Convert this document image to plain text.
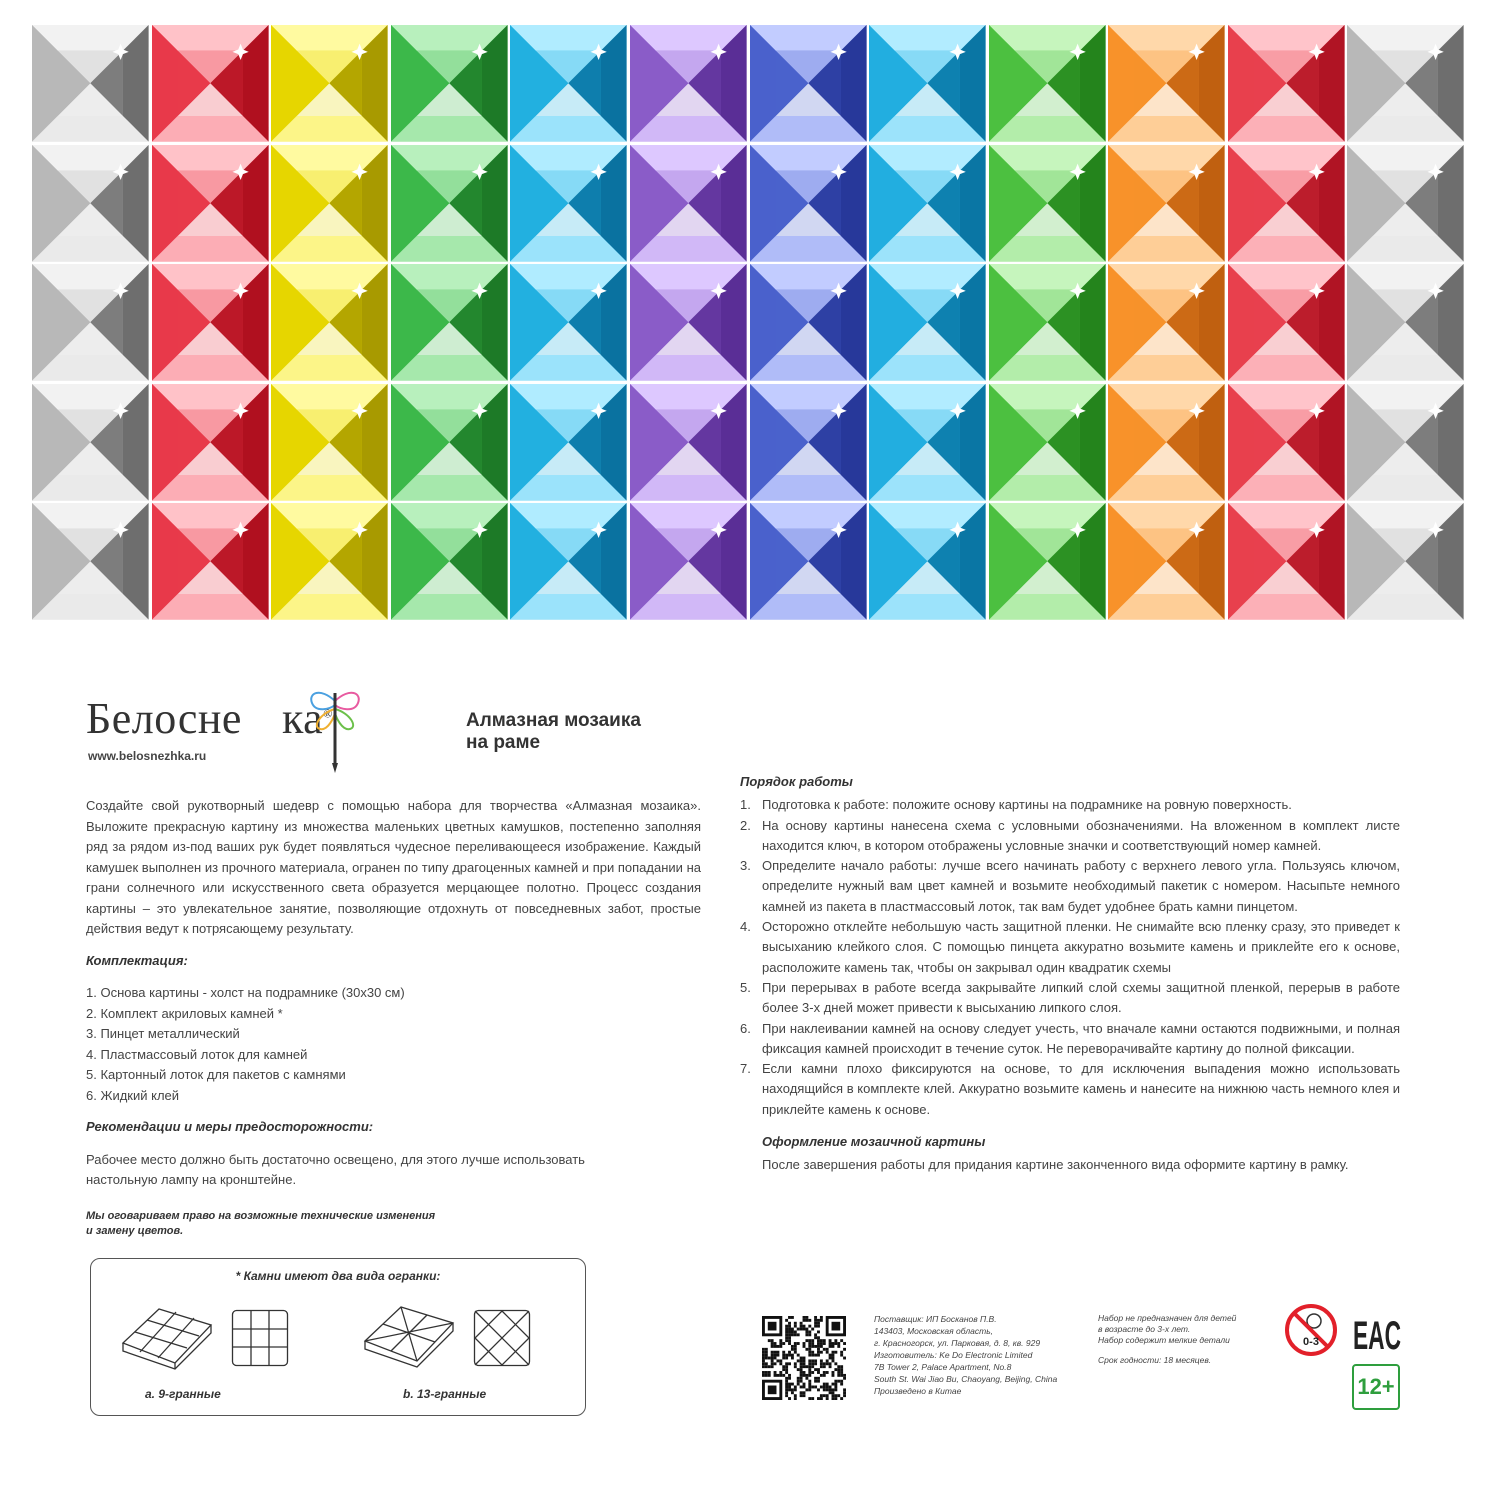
Белосне ка®
www.belosnezhka.ru
Алмазная мозаика
на раме

Создайте свой рукотворный шедевр с помощью набора для творчества «Алмазная мозаика». Выложите прекрасную картину из множества маленьких цветных камушков, постепенно заполняя ряд за рядом из-под ваших рук будет появляться чудесное переливающееся изображение. Каждый камушек выполнен из прочного материала, огранен по типу драгоценных камней и при попадании на грани солнечного или искусственного света образуется мерцающее полотно. Процесс создания картины – это увлекательное занятие, позволяющие отдохнуть от повседневных забот, простые действия ведут к потрясающему результату.

Комплектация:
1. Основа картины - холст на подрамнике (30х30 см)
2. Комплект акриловых камней *
3. Пинцет металлический
4. Пластмассовый лоток для камней
5. Картонный лоток для пакетов с камнями
6. Жидкий клей
Рекомендации и меры предосторожности:

Рабочее место должно быть достаточно освещено, для этого лучше использовать настольную лампу на кронштейне.

Мы оговариваем право на возможные технические изменения
и замену цветов.
* Камни имеют два вида огранки:
a. 9-гранные	b. 13-гранные
Порядок работы
1. Подготовка к работе: положите основу картины на подрамнике на ровную поверхность.
2. На основу картины нанесена схема с условными обозначениями. На вложенном в комплект листе находится ключ, в котором отображены условные значки и соответствующий номер камней.
3. Определите начало работы: лучше всего начинать работу с верхнего левого угла. Пользуясь ключом, определите нужный вам цвет камней и возьмите необходимый пакетик с номером. Насыпьте немного камней из пакета в пластмассовый лоток, так вам будет удобнее брать камни пинцетом.
4. Осторожно отклейте небольшую часть защитной пленки. Не снимайте всю пленку сразу, это приведет к высыханию клейкого слоя. С помощью пинцета аккуратно возьмите камень и приклейте его к основе, расположите камень так, чтобы он закрывал один квадратик схемы
5. При перерывах в работе всегда закрывайте липкий слой схемы защитной пленкой, перерыв в работе более 3-х дней может привести к высыханию липкого слоя.
6. При наклеивании камней на основу следует учесть, что вначале камни остаются подвижными, и полная фиксация камней происходит в течение суток. Не переворачивайте картину до полной фиксации.
7. Если камни плохо фиксируются на основе, то для исключения выпадения можно использовать находящийся в комплекте клей. Аккуратно возьмите камень и нанесите на нижнюю часть немного клея и приклейте камень к основе.
Оформление мозаичной картины
После завершения работы для придания картине законченного вида оформите картину в рамку.
Поставщик: ИП Босканов П.В.
143403, Московская область,
г. Красногорск, ул. Парковая, д. 8, кв. 929
Изготовитель: Ke Do Electronic Limited
7B Tower 2, Palace Apartment, No.8
South St. Wai Jiao Bu, Chaoyang, Beijing, China
Произведено в Китае
Набор не предназначен для детей
в возрасте до 3-х лет.
Набор содержит мелкие детали
Срок годности: 18 месяцев.
0-3 EAC
12+
